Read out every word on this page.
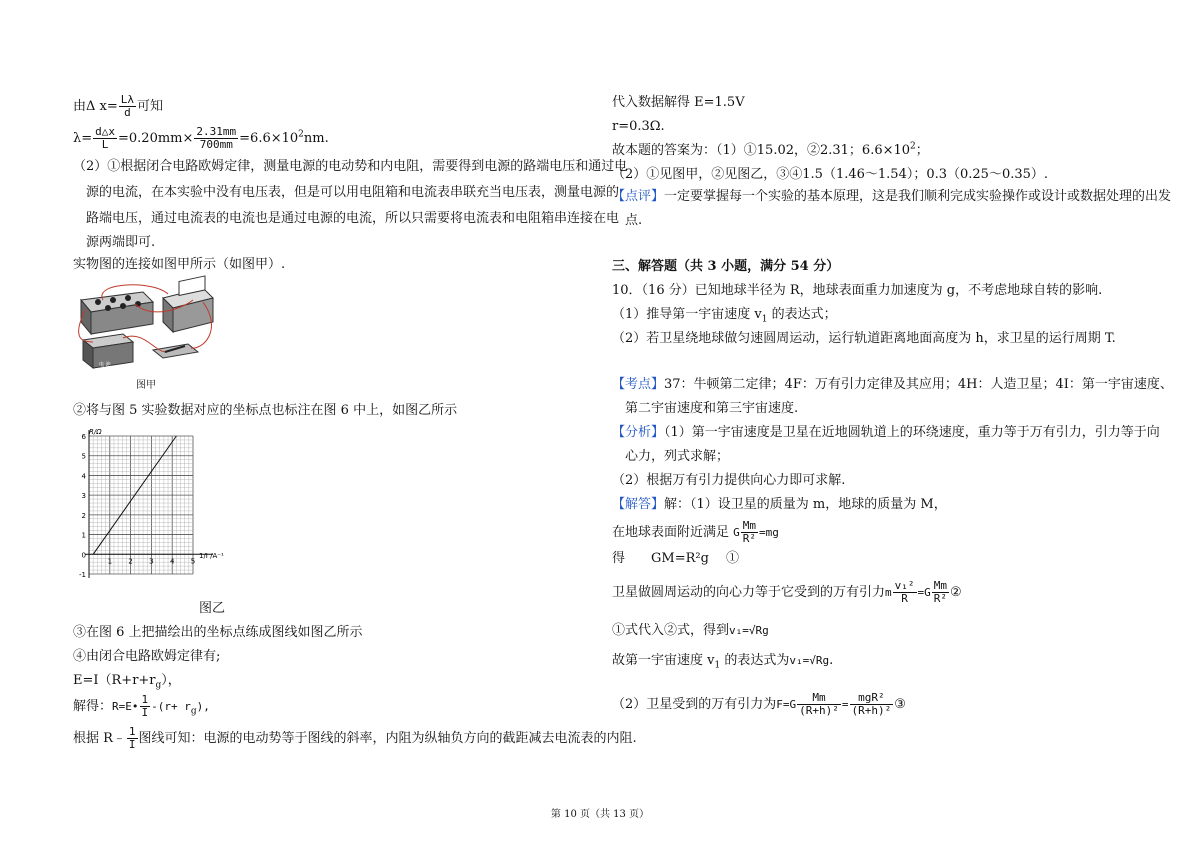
由Δ $x= \frac{L\lambda}{d}$ 可知
$\lambda= \frac{d\triangle x}{L} =0.20mm\times \frac{2.31mm}{700mm} =6.6\times 10^2nm$.
（2）①根据闭合电路欧姆定律，测量电源的电动势和内电阻，需要得到电源的路端电压和通过电
源的电流，在本实验中没有电压表，但是可以用电阻箱和电流表串联充当电压表，测量电源的
路端电压，通过电流表的电流也是通过电源的电流，所以只需要将电流表和电阻箱串连接在电
源两端即可.
实物图的连接如图甲所示（如图甲）.
电 池
图甲
②将与图 5 实验数据对应的坐标点也标注在图 6 中上，如图乙所示
-1
0
1
2
3
4
5
6
1 2 3 4 5
R/Ω
1/I /A⁻¹
图乙
③在图 6 上把描绘出的坐标点练成图线如图乙所示
④由闭合电路欧姆定律有;
$E=I(R+r+r_g)$，
解得：R=E• $\frac{1}{I} -(r+ r_g)$,
根据 R﹣ $\frac{1}{I}$ 图线可知：电源的电动势等于图线的斜率，内阻为纵轴负方向的截距减去电流表的内阻.
代入数据解得 E=1.5V
r=0.3Ω.
故本题的答案为：（1）①15.02，②2.31；$6.6\times 10^2$；
（2）①见图甲，②见图乙，③④1.5（1.46～1.54）；0.3（0.25～0.35）.
【点评】一定要掌握每一个实验的基本原理，这是我们顺利完成实验操作或设计或数据处理的出发
点.
三、解答题（共 3 小题，满分 54 分）
10．（16 分）已知地球半径为 R，地球表面重力加速度为 g，不考虑地球自转的影响.
（1）推导第一宇宙速度 $v_1$ 的表达式；
（2）若卫星绕地球做匀速圆周运动，运行轨道距离地面高度为 h，求卫星的运行周期 T.
【考点】37：牛顿第二定律；4F：万有引力定律及其应用；4H：人造卫星；4I：第一宇宙速度、
第二宇宙速度和第三宇宙速度.
【分析】（1）第一宇宙速度是卫星在近地圆轨道上的环绕速度，重力等于万有引力，引力等于向
心力，列式求解；
（2）根据万有引力提供向心力即可求解.
【解答】解：（1）设卫星的质量为 m，地球的质量为 M，
在地球表面附近满足 G $\frac{Mm}{\text{R²}} =mg$
得　　GM=R²g　 ①
卫星做圆周运动的向心力等于它受到的万有引力m $\frac{\text{v₁²}}{R} =G \frac{Mm}{\text{R²}}$ ②
①式代入②式，得到v₁=√Rg
故第一宇宙速度 $v_1$ 的表达式为v₁=√Rg.
（2）卫星受到的万有引力为$F=G \frac{Mm}{\text{(R+h)²}} = \frac{\text{mgR²}}{\text{(R+h)²}}$ ③
第 10 页（共 13 页）
